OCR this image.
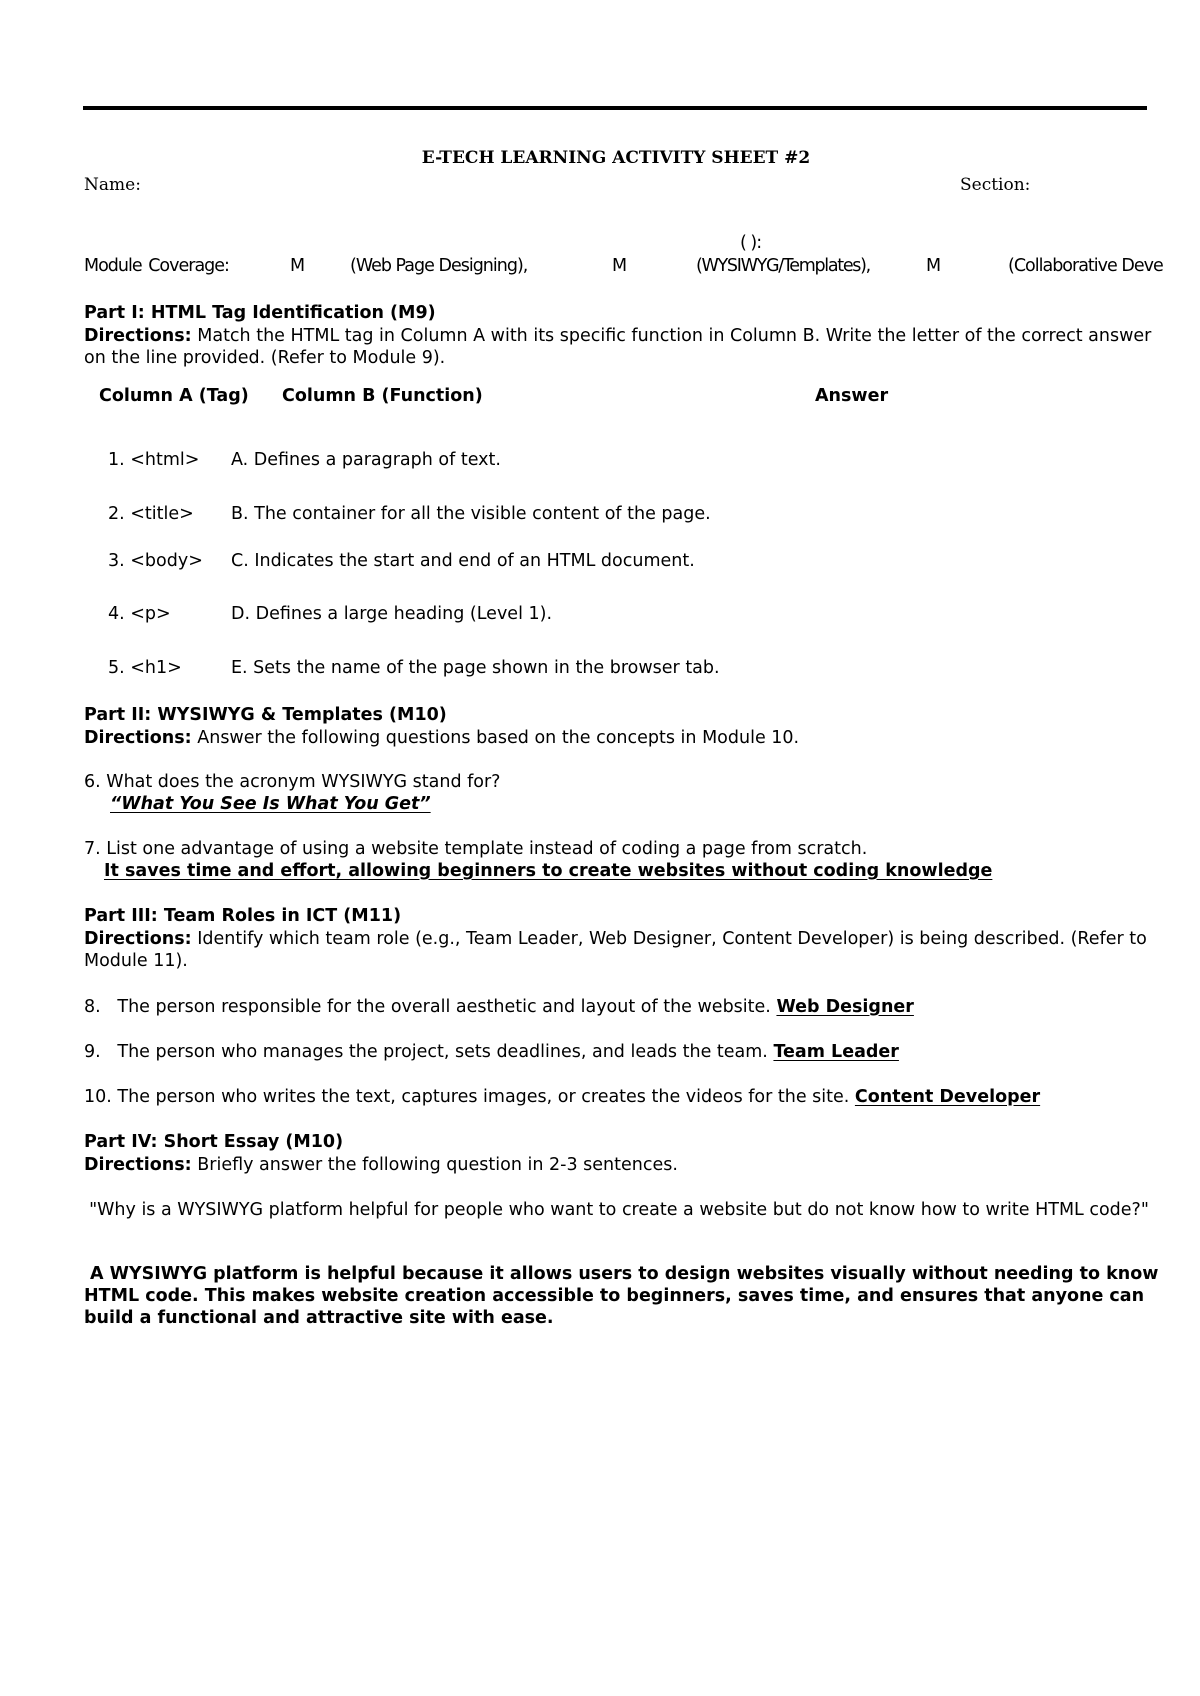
E-TECH LEARNING ACTIVITY SHEET #2
Name:	Section:
( ):
Module Coverage:	M	(Web Page Designing),	M	(WYSIWYG/Templates),	M	(Collaborative Deve
Part I: HTML Tag Identification (M9)
Directions: Match the HTML tag in Column A with its specific function in Column B. Write the letter of the correct answer on the line provided. (Refer to Module 9).
Column A (Tag) Column B (Function)	Answer
1. <html> A. Defines a paragraph of text.
2. <title> B. The container for all the visible content of the page.
3. <body> C. Indicates the start and end of an HTML document.
4. <p>	D. Defines a large heading (Level 1).
5. <h1>	E. Sets the name of the page shown in the browser tab.
Part II: WYSIWYG & Templates (M10)
Directions: Answer the following questions based on the concepts in Module 10.
6. What does the acronym WYSIWYG stand for?
“What You See Is What You Get”
7. List one advantage of using a website template instead of coding a page from scratch.
It saves time and effort, allowing beginners to create websites without coding knowledge
Part III: Team Roles in ICT (M11)
Directions: Identify which team role (e.g., Team Leader, Web Designer, Content Developer) is being described. (Refer to Module 11).
8. The person responsible for the overall aesthetic and layout of the website. Web Designer
9. The person who manages the project, sets deadlines, and leads the team. Team Leader
10. The person who writes the text, captures images, or creates the videos for the site. Content Developer
Part IV: Short Essay (M10)
Directions: Briefly answer the following question in 2-3 sentences.
"Why is a WYSIWYG platform helpful for people who want to create a website but do not know how to write HTML code?"
A WYSIWYG platform is helpful because it allows users to design websites visually without needing to know HTML code. This makes website creation accessible to beginners, saves time, and ensures that anyone can build a functional and attractive site with ease.
